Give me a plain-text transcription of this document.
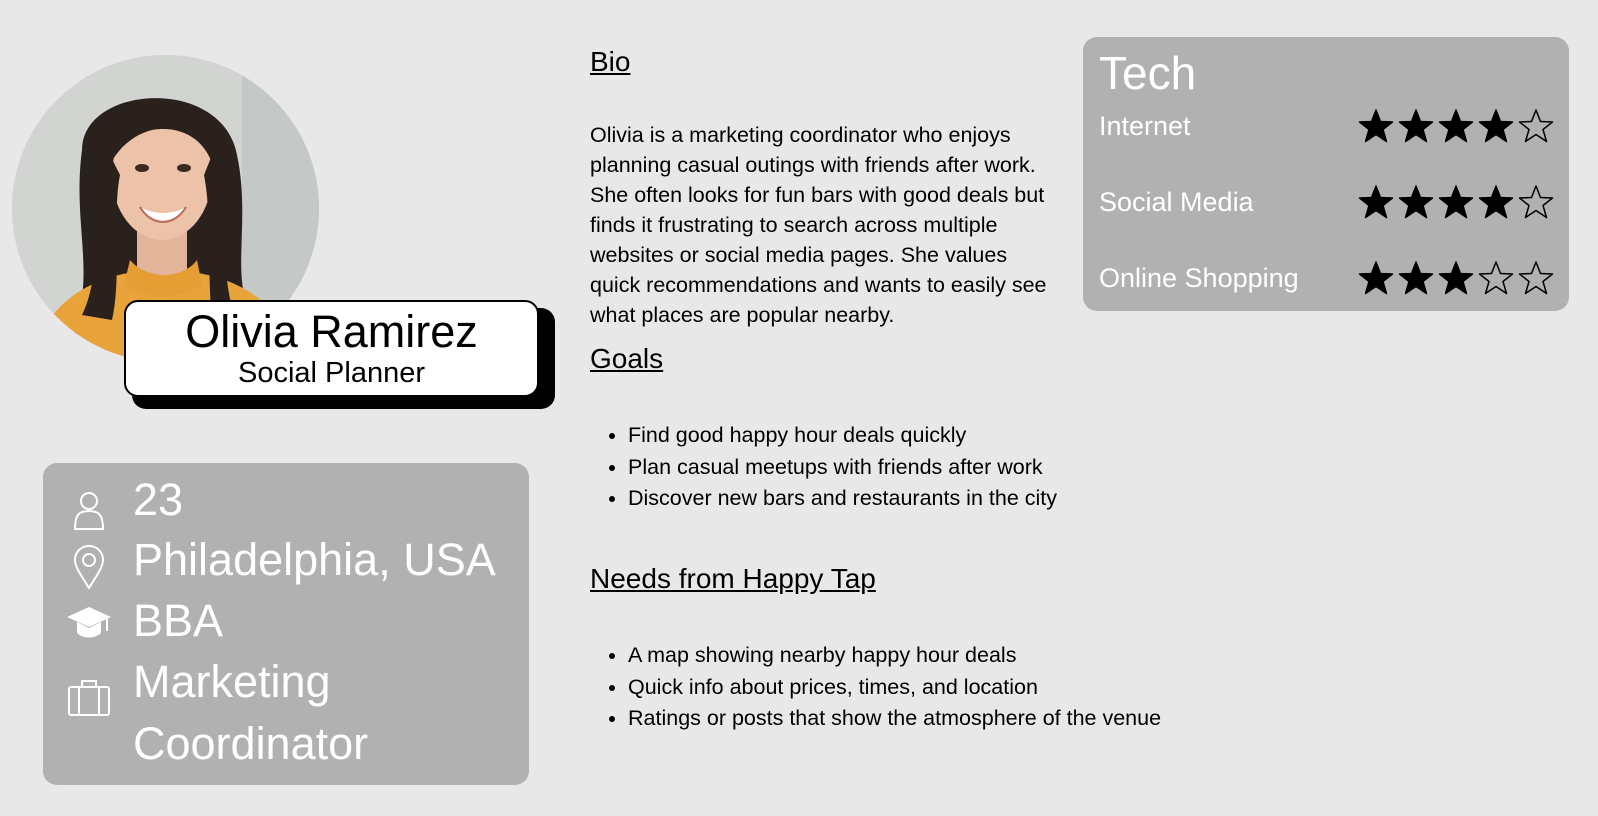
Olivia Ramirez
Social Planner
23
Philadelphia, USA
BBA
Marketing Coordinator
Bio
Olivia is a marketing coordinator who enjoys planning casual outings with friends after work. She often looks for fun bars with good deals but finds it frustrating to search across multiple websites or social media pages. She values quick recommendations and wants to easily see what places are popular nearby.
Goals
• Find good happy hour deals quickly
• Plan casual meetups with friends after work
• Discover new bars and restaurants in the city
Needs from Happy Tap
• A map showing nearby happy hour deals
• Quick info about prices, times, and location
• Ratings or posts that show the atmosphere of the venue
Tech
Internet
Social Media
Online Shopping
